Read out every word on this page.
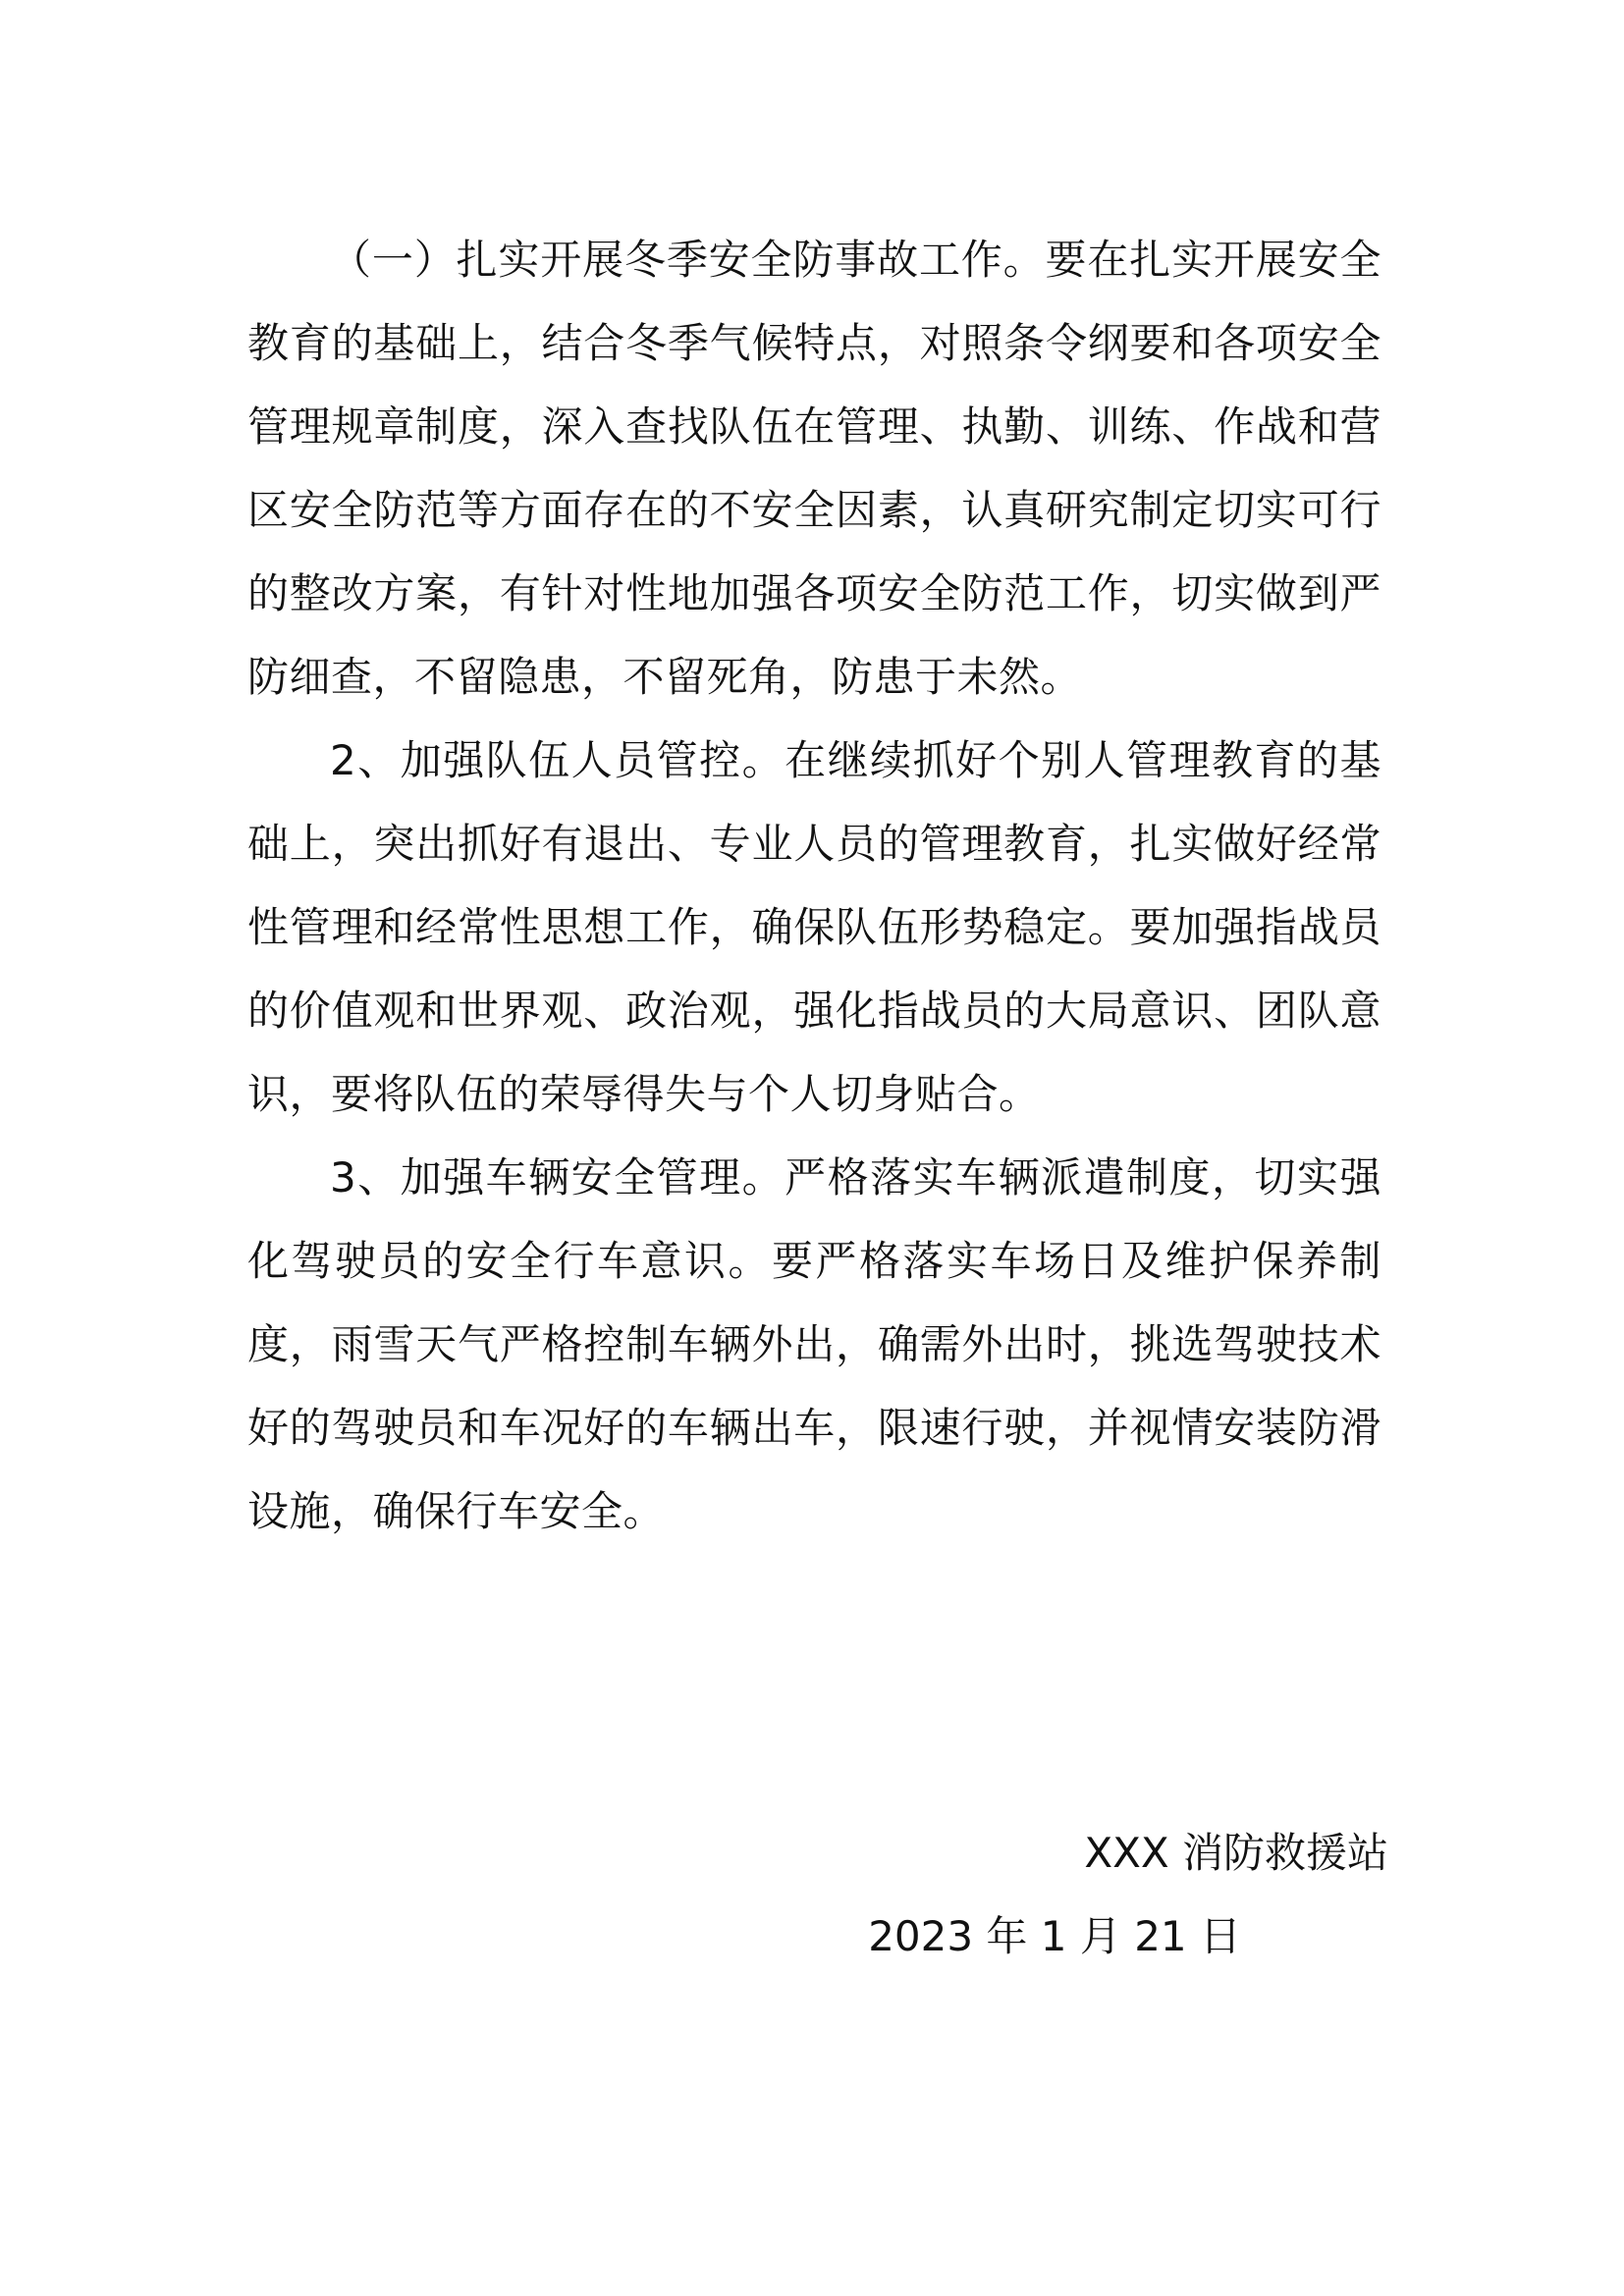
（一）扎实开展冬季安全防事故工作。要在扎实开展安全教育的基础上，结合冬季气候特点，对照条令纲要和各项安全管理规章制度，深入查找队伍在管理、执勤、训练、作战和营区安全防范等方面存在的不安全因素，认真研究制定切实可行的整改方案，有针对性地加强各项安全防范工作，切实做到严防细查，不留隐患，不留死角，防患于未然。

2、加强队伍人员管控。在继续抓好个别人管理教育的基础上，突出抓好有退出、专业人员的管理教育，扎实做好经常性管理和经常性思想工作，确保队伍形势稳定。要加强指战员的价值观和世界观、政治观，强化指战员的大局意识、团队意识，要将队伍的荣辱得失与个人切身贴合。

3、加强车辆安全管理。严格落实车辆派遣制度，切实强化驾驶员的安全行车意识。要严格落实车场日及维护保养制度，雨雪天气严格控制车辆外出，确需外出时，挑选驾驶技术好的驾驶员和车况好的车辆出车，限速行驶，并视情安装防滑设施，确保行车安全。

XXX 消防救援站
2023 年 1 月 21 日
